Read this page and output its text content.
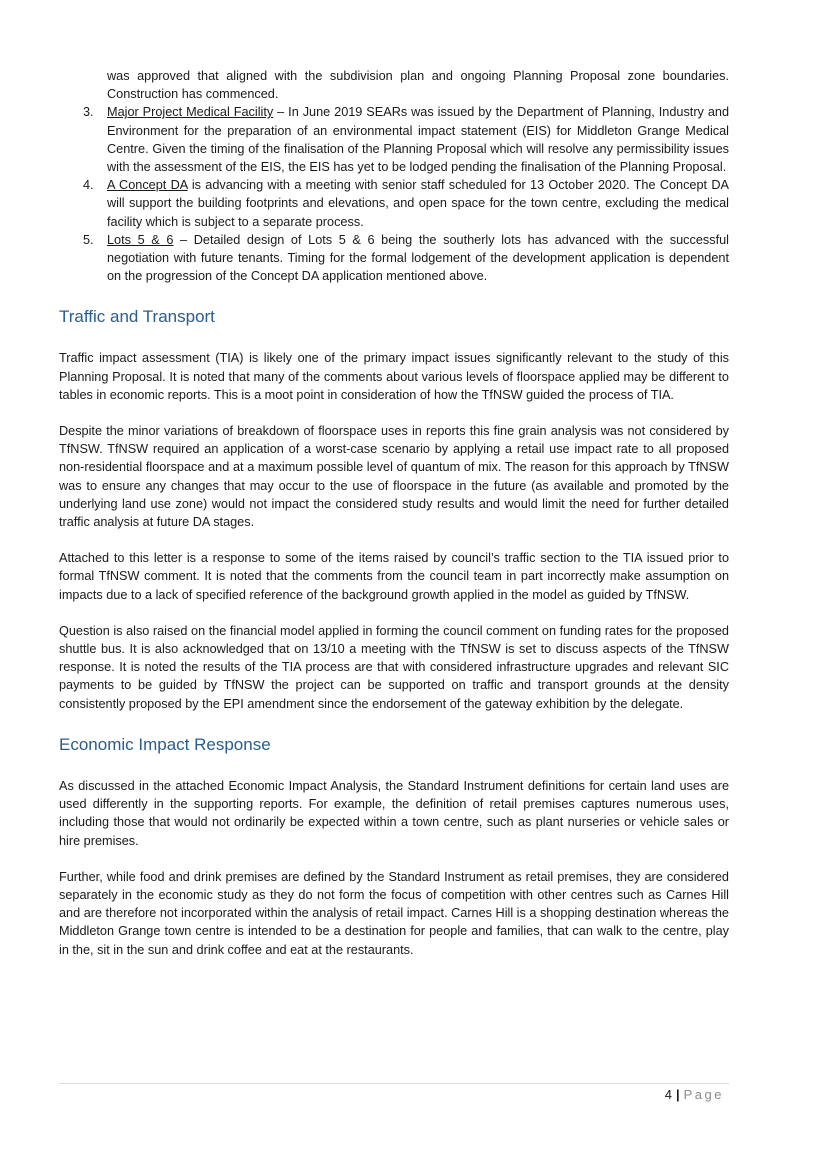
was approved that aligned with the subdivision plan and ongoing Planning Proposal zone boundaries. Construction has commenced.

3. Major Project Medical Facility – In June 2019 SEARs was issued by the Department of Planning, Industry and Environment for the preparation of an environmental impact statement (EIS) for Middleton Grange Medical Centre. Given the timing of the finalisation of the Planning Proposal which will resolve any permissibility issues with the assessment of the EIS, the EIS has yet to be lodged pending the finalisation of the Planning Proposal.

4. A Concept DA is advancing with a meeting with senior staff scheduled for 13 October 2020. The Concept DA will support the building footprints and elevations, and open space for the town centre, excluding the medical facility which is subject to a separate process.

5. Lots 5 & 6 – Detailed design of Lots 5 & 6 being the southerly lots has advanced with the successful negotiation with future tenants. Timing for the formal lodgement of the development application is dependent on the progression of the Concept DA application mentioned above.

Traffic and Transport

Traffic impact assessment (TIA) is likely one of the primary impact issues significantly relevant to the study of this Planning Proposal. It is noted that many of the comments about various levels of floorspace applied may be different to tables in economic reports. This is a moot point in consideration of how the TfNSW guided the process of TIA.

Despite the minor variations of breakdown of floorspace uses in reports this fine grain analysis was not considered by TfNSW. TfNSW required an application of a worst-case scenario by applying a retail use impact rate to all proposed non-residential floorspace and at a maximum possible level of quantum of mix. The reason for this approach by TfNSW was to ensure any changes that may occur to the use of floorspace in the future (as available and promoted by the underlying land use zone) would not impact the considered study results and would limit the need for further detailed traffic analysis at future DA stages.

Attached to this letter is a response to some of the items raised by council’s traffic section to the TIA issued prior to formal TfNSW comment. It is noted that the comments from the council team in part incorrectly make assumption on impacts due to a lack of specified reference of the background growth applied in the model as guided by TfNSW.

Question is also raised on the financial model applied in forming the council comment on funding rates for the proposed shuttle bus. It is also acknowledged that on 13/10 a meeting with the TfNSW is set to discuss aspects of the TfNSW response. It is noted the results of the TIA process are that with considered infrastructure upgrades and relevant SIC payments to be guided by TfNSW the project can be supported on traffic and transport grounds at the density consistently proposed by the EPI amendment since the endorsement of the gateway exhibition by the delegate.

Economic Impact Response

As discussed in the attached Economic Impact Analysis, the Standard Instrument definitions for certain land uses are used differently in the supporting reports. For example, the definition of retail premises captures numerous uses, including those that would not ordinarily be expected within a town centre, such as plant nurseries or vehicle sales or hire premises.

Further, while food and drink premises are defined by the Standard Instrument as retail premises, they are considered separately in the economic study as they do not form the focus of competition with other centres such as Carnes Hill and are therefore not incorporated within the analysis of retail impact. Carnes Hill is a shopping destination whereas the Middleton Grange town centre is intended to be a destination for people and families, that can walk to the centre, play in the, sit in the sun and drink coffee and eat at the restaurants.

4 | Page
